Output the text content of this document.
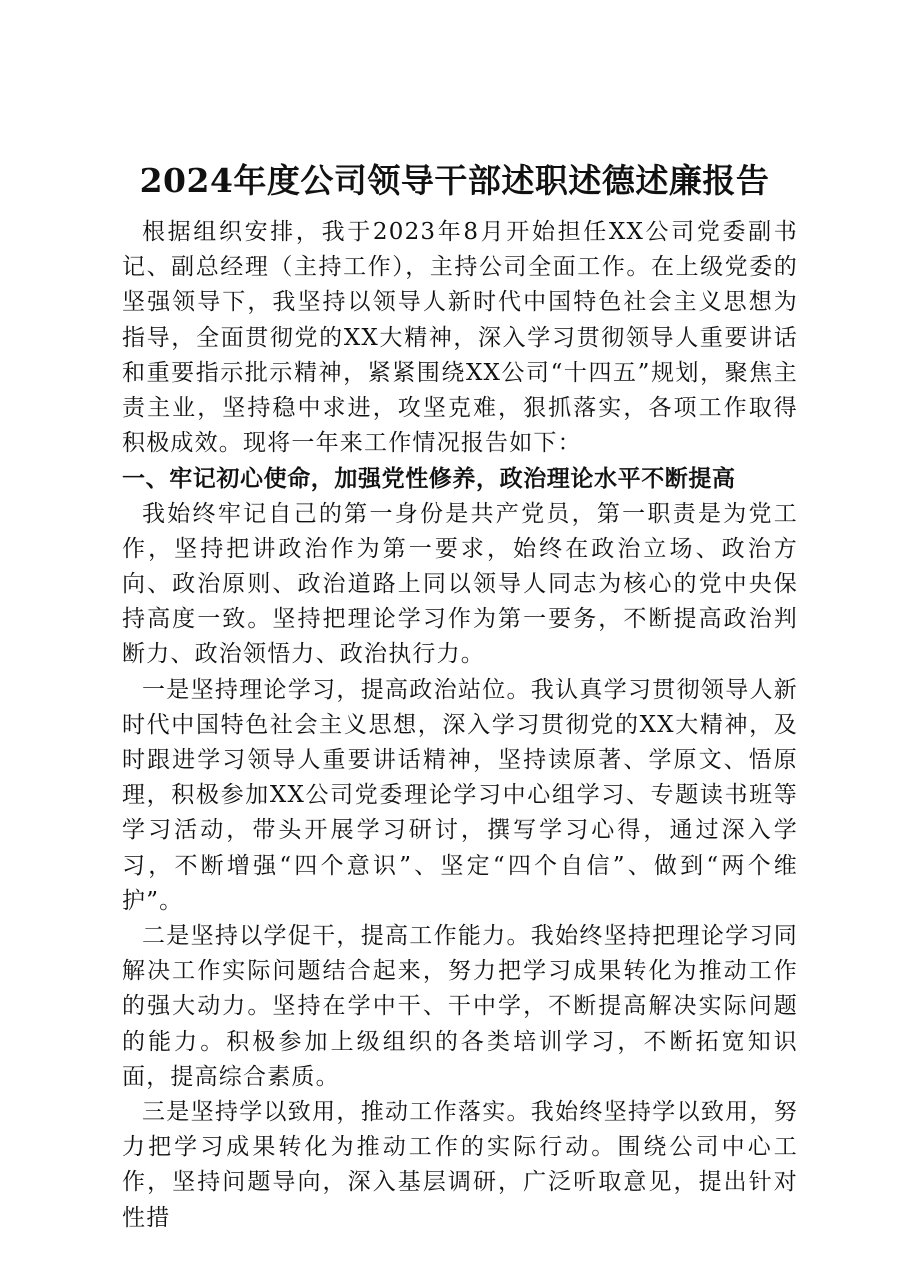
2024年度公司领导干部述职述德述廉报告

根据组织安排，我于2023年8月开始担任XX公司党委副书记、副总经理（主持工作），主持公司全面工作。在上级党委的坚强领导下，我坚持以领导人新时代中国特色社会主义思想为指导，全面贯彻党的XX大精神，深入学习贯彻领导人重要讲话和重要指示批示精神，紧紧围绕XX公司“十四五”规划，聚焦主责主业，坚持稳中求进，攻坚克难，狠抓落实，各项工作取得积极成效。现将一年来工作情况报告如下：

一、牢记初心使命，加强党性修养，政治理论水平不断提高

我始终牢记自己的第一身份是共产党员，第一职责是为党工作，坚持把讲政治作为第一要求，始终在政治立场、政治方向、政治原则、政治道路上同以领导人同志为核心的党中央保持高度一致。坚持把理论学习作为第一要务，不断提高政治判断力、政治领悟力、政治执行力。

一是坚持理论学习，提高政治站位。我认真学习贯彻领导人新时代中国特色社会主义思想，深入学习贯彻党的XX大精神，及时跟进学习领导人重要讲话精神，坚持读原著、学原文、悟原理，积极参加XX公司党委理论学习中心组学习、专题读书班等学习活动，带头开展学习研讨，撰写学习心得，通过深入学习，不断增强“四个意识”、坚定“四个自信”、做到“两个维护”。

二是坚持以学促干，提高工作能力。我始终坚持把理论学习同解决工作实际问题结合起来，努力把学习成果转化为推动工作的强大动力。坚持在学中干、干中学，不断提高解决实际问题的能力。积极参加上级组织的各类培训学习，不断拓宽知识面，提高综合素质。

三是坚持学以致用，推动工作落实。我始终坚持学以致用，努力把学习成果转化为推动工作的实际行动。围绕公司中心工作，坚持问题导向，深入基层调研，广泛听取意见，提出针对性措
